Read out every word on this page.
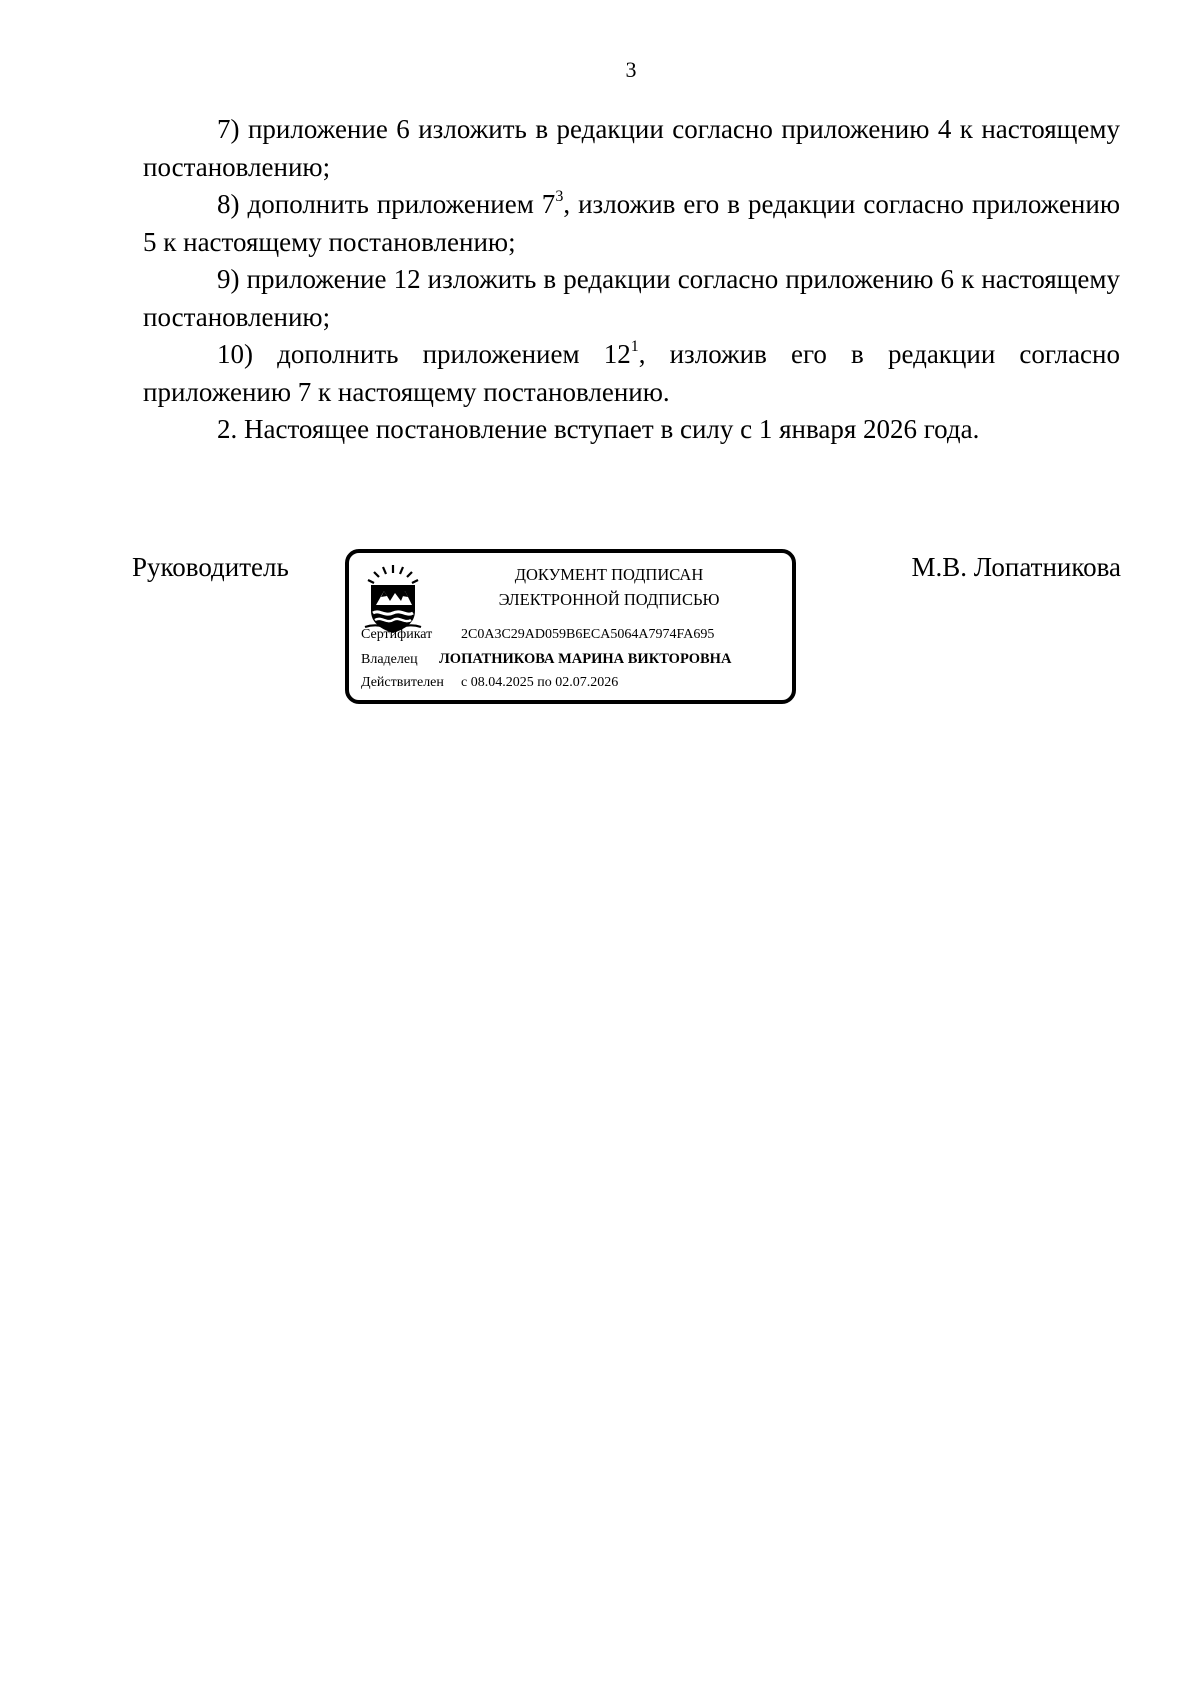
3

7) приложение 6 изложить в редакции согласно приложению 4 к настоящему постановлению;

8) дополнить приложением $7^3$, изложив его в редакции согласно приложению 5 к настоящему постановлению;

9) приложение 12 изложить в редакции согласно приложению 6 к настоящему постановлению;

10) дополнить приложением $12^1$, изложив его в редакции согласно приложению 7 к настоящему постановлению.

2. Настоящее постановление вступает в силу с 1 января 2026 года.

Руководитель	ДОКУМЕНТ ПОДПИСАН
ЭЛЕКТРОННОЙ ПОДПИСЬЮ
Сертификат 2C0A3C29AD059B6ECA5064A7974FA695
Владелец ЛОПАТНИКОВА МАРИНА ВИКТОРОВНА
Действителен с 08.04.2025 по 02.07.2026
М.В. Лопатникова
